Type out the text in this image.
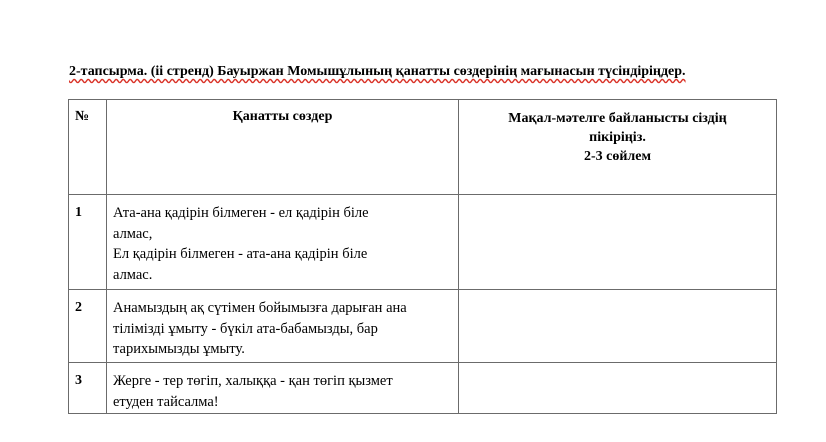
2-тапсырма. (іі стренд) Бауыржан Момышұлының қанатты сөздерінің мағынасын түсіндіріңдер.
№	Қанатты сөздер	Мақал-мәтелге байланысты сіздің
пікіріңіз.
2-3 сөйлем

1	Ата-ана қадірін білмеген - ел қадірін біле
алмас,
Ел қадірін білмеген - ата-ана қадірін біле
алмас.	

2	Анамыздың ақ сүтімен бойымызға дарыған ана
тілімізді ұмыту - бүкіл ата-бабамызды, бар
тарихымызды ұмыту.	

3	Жерге - тер төгіп, халыққа - қан төгіп қызмет
етуден тайсалма!	
